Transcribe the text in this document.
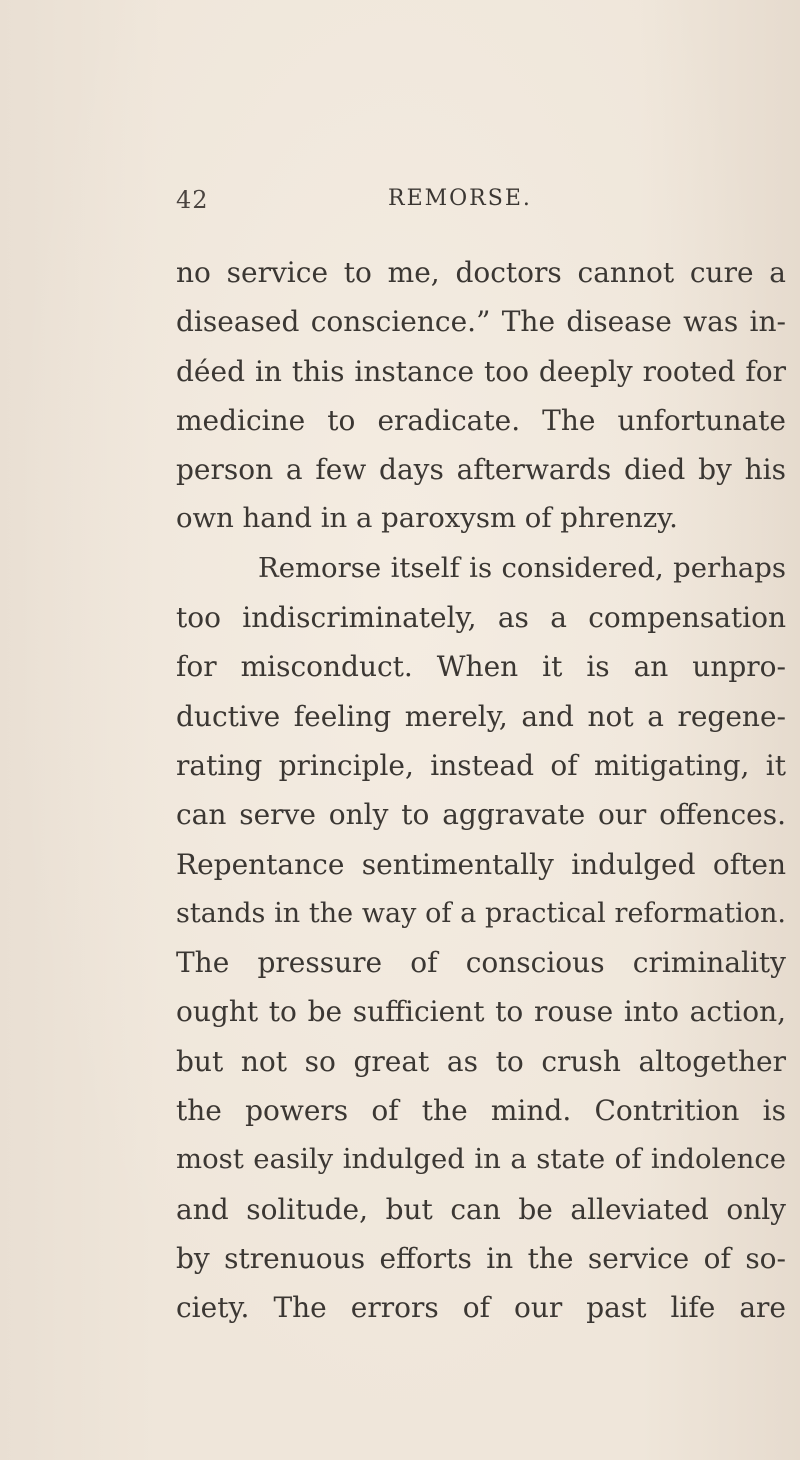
42	REMORSE.
no service to me, doctors cannot cure a
diseased conscience.” The disease was in-
déed in this instance too deeply rooted for
medicine to eradicate. The unfortunate
person a few days afterwards died by his
own hand in a paroxysm of phrenzy.
Remorse itself is considered, perhaps
too indiscriminately, as a compensation
for misconduct. When it is an unpro-
ductive feeling merely, and not a regene-
rating principle, instead of mitigating, it
can serve only to aggravate our offences.
Repentance sentimentally indulged often
stands in the way of a practical reformation.
The pressure of conscious criminality
ought to be sufficient to rouse into action,
but not so great as to crush altogether
the powers of the mind. Contrition is
most easily indulged in a state of indolence
and solitude, but can be alleviated only
by strenuous efforts in the service of so-
ciety. The errors of our past life are
